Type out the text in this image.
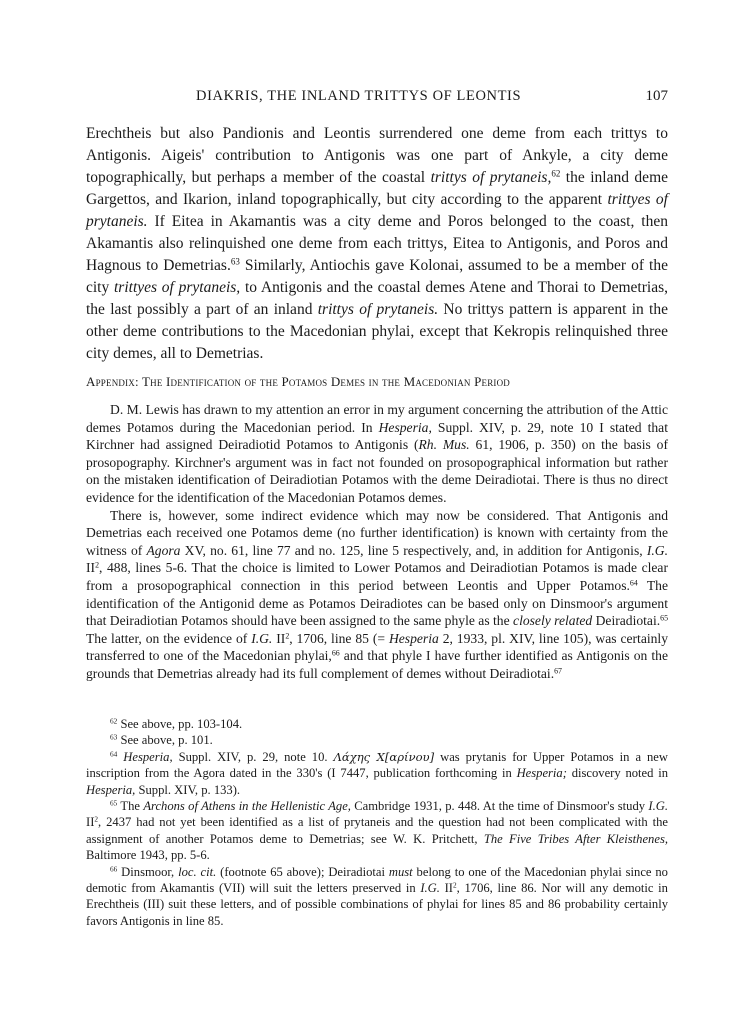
DIAKRIS, THE INLAND TRITTYS OF LEONTIS	107

Erechtheis but also Pandionis and Leontis surrendered one deme from each trittys to Antigonis. Aigeis' contribution to Antigonis was one part of Ankyle, a city deme topographically, but perhaps a member of the coastal trittys of prytaneis,$^{62}$ the inland deme Gargettos, and Ikarion, inland topographically, but city according to the apparent trittyes of prytaneis. If Eitea in Akamantis was a city deme and Poros belonged to the coast, then Akamantis also relinquished one deme from each trittys, Eitea to Antigonis, and Poros and Hagnous to Demetrias.$^{63}$ Similarly, Antiochis gave Kolonai, assumed to be a member of the city trittyes of prytaneis, to Antigonis and the coastal demes Atene and Thorai to Demetrias, the last possibly a part of an inland trittys of prytaneis. No trittys pattern is apparent in the other deme contributions to the Macedonian phylai, except that Kekropis relinquished three city demes, all to Demetrias.

Appendix: The Identification of the Potamos Demes in the Macedonian Period

D. M. Lewis has drawn to my attention an error in my argument concerning the attribution of the Attic demes Potamos during the Macedonian period. In Hesperia, Suppl. XIV, p. 29, note 10 I stated that Kirchner had assigned Deiradiotid Potamos to Antigonis (Rh. Mus. 61, 1906, p. 350) on the basis of prosopography. Kirchner's argument was in fact not founded on prosopographical information but rather on the mistaken identification of Deiradiotian Potamos with the deme Deiradiotai. There is thus no direct evidence for the identification of the Macedonian Potamos demes.

There is, however, some indirect evidence which may now be considered. That Antigonis and Demetrias each received one Potamos deme (no further identification) is known with certainty from the witness of Agora XV, no. 61, line 77 and no. 125, line 5 respectively, and, in addition for Antigonis, I.G. $II^2$, 488, lines 5-6. That the choice is limited to Lower Potamos and Deiradiotian Potamos is made clear from a prosopographical connection in this period between Leontis and Upper Potamos.$^{64}$ The identification of the Antigonid deme as Potamos Deiradiotes can be based only on Dinsmoor's argument that Deiradiotian Potamos should have been assigned to the same phyle as the closely related Deiradiotai.$^{65}$ The latter, on the evidence of I.G. $II^2$, 1706, line 85 (= Hesperia 2, 1933, pl. XIV, line 105), was certainly transferred to one of the Macedonian phylai,$^{66}$ and that phyle I have further identified as Antigonis on the grounds that Demetrias already had its full complement of demes without Deiradiotai.$^{67}$

$^{62}$ See above, pp. 103-104.

$^{63}$ See above, p. 101.

$^{64}$ Hesperia, Suppl. XIV, p. 29, note 10. Λάχης Χ[αρίνου] was prytanis for Upper Potamos in a new inscription from the Agora dated in the 330's (I 7447, publication forthcoming in Hesperia; discovery noted in Hesperia, Suppl. XIV, p. 133).

$^{65}$ The Archons of Athens in the Hellenistic Age, Cambridge 1931, p. 448. At the time of Dinsmoor's study I.G. $II^2$, 2437 had not yet been identified as a list of prytaneis and the question had not been complicated with the assignment of another Potamos deme to Demetrias; see W. K. Pritchett, The Five Tribes After Kleisthenes, Baltimore 1943, pp. 5-6.

$^{66}$ Dinsmoor, loc. cit. (footnote 65 above); Deiradiotai must belong to one of the Macedonian phylai since no demotic from Akamantis (VII) will suit the letters preserved in I.G. $II^2$, 1706, line 86. Nor will any demotic in Erechtheis (III) suit these letters, and of possible combinations of phylai for lines 85 and 86 probability certainly favors Antigonis in line 85.
